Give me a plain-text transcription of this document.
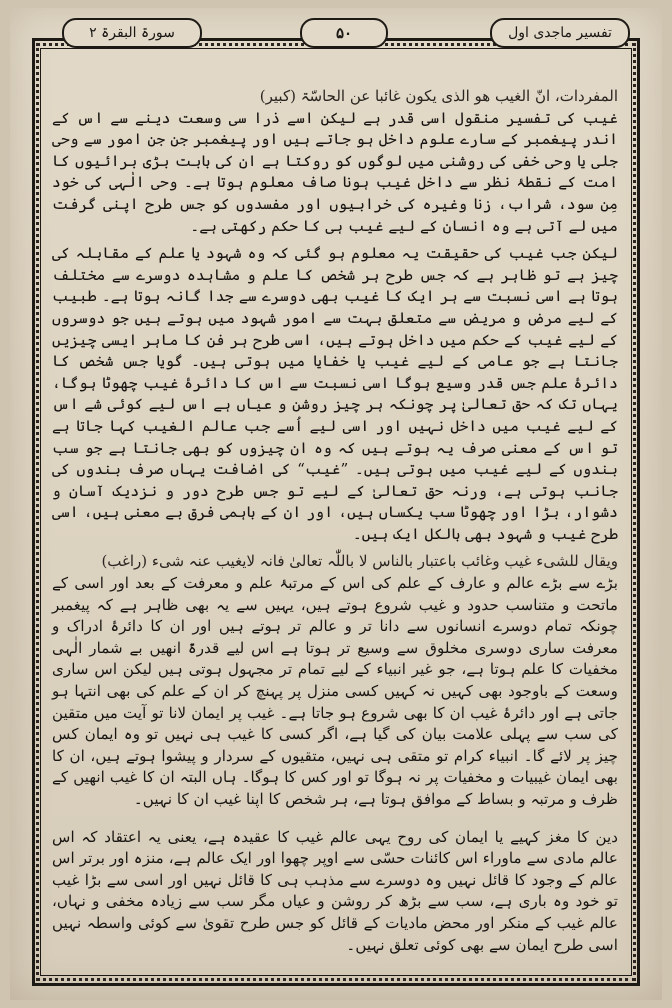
سورۃ البقرۃ ۲	۵۰	تفسیر ماجدی اول

المفردات، انّ الغیب ھو الذی یکون غائبا عن الحاسّۃ (کبیر)

غیب کی تفسیر منقول اسی قدر ہے لیکن اسے ذرا سی وسعت دینے سے اس کے اندر پیغمبر کے سارے علوم داخل ہو جاتے ہیں اور پیغمبر جن جن امور سے وحی جلی یا وحی خفی کی روشنی میں لوگوں کو روکتا ہے ان کی بابت بڑی برائیوں کا امت کے نقطۂ نظر سے داخل غیب ہونا صاف معلوم ہوتا ہے۔ وحی الٰہی کی خود مِن سود، شراب، زنا وغیرہ کی خرابیوں اور مفسدوں کو جس طرح اپنی گرفت میں لے آتی ہے وہ انسان کے لیے غیب ہی کا حکم رکھتی ہے۔

لیکن جب غیب کی حقیقت یہ معلوم ہو گئی کہ وہ شہود یا علم کے مقابلہ کی چیز ہے تو ظاہر ہے کہ جس طرح ہر شخص کا علم و مشاہدہ دوسرے سے مختلف ہوتا ہے اسی نسبت سے ہر ایک کا غیب بھی دوسرے سے جدا گانہ ہوتا ہے۔ طبیب کے لیے مرض و مریض سے متعلق بہت سے امور شہود میں ہوتے ہیں جو دوسروں کے لیے غیب کے حکم میں داخل ہوتے ہیں، اسی طرح ہر فن کا ماہر ایسی چیزیں جانتا ہے جو عامی کے لیے غیب یا خفایا میں ہوتی ہیں۔ گویا جس شخص کا دائرۂ علم جس قدر وسیع ہوگا اسی نسبت سے اس کا دائرۂ غیب چھوٹا ہوگا، یہاں تک کہ حق تعالیٰ پر چونکہ ہر چیز روشن و عیاں ہے اس لیے کوئی شے اس کے لیے غیب میں داخل نہیں اور اسی لیے اُسے جب عالم الغیب کہا جاتا ہے تو اس کے معنی صرف یہ ہوتے ہیں کہ وہ ان چیزوں کو بھی جانتا ہے جو سب بندوں کے لیے غیب میں ہوتی ہیں۔ ”غیب“ کی اضافت یہاں صرف بندوں کی جانب ہوتی ہے، ورنہ حق تعالیٰ کے لیے تو جس طرح دور و نزدیک آسان و دشوار، بڑا اور چھوٹا سب یکساں ہیں، اور ان کے باہمی فرق بے معنی ہیں، اسی طرح غیب و شہود بھی بالکل ایک ہیں۔

ویقال للشیء غیب وغائب باعتبار بالناس لا باللّٰہ تعالیٰ فانہ لایغیب عنہ شیء (راغب)

بڑے سے بڑے عالم و عارف کے علم کی اس کے مرتبۂ علم و معرفت کے بعد اور اسی کے ماتحت و متناسب حدود و غیب شروع ہوتے ہیں، یہیں سے یہ بھی ظاہر ہے کہ پیغمبر چونکہ تمام دوسرے انسانوں سے دانا تر و عالم تر ہوتے ہیں اور ان کا دائرۂ ادراک و معرفت ساری دوسری مخلوق سے وسیع تر ہوتا ہے اس لیے قدرۃً انھیں بے شمار الٰہی مخفیات کا علم ہوتا ہے، جو غیر انبیاء کے لیے تمام تر مجہول ہوتی ہیں لیکن اس ساری وسعت کے باوجود بھی کہیں نہ کہیں کسی منزل پر پہنچ کر ان کے علم کی بھی انتہا ہو جاتی ہے اور دائرۂ غیب ان کا بھی شروع ہو جاتا ہے۔ غیب پر ایمان لانا تو آیت میں متقین کی سب سے پہلی علامت بیان کی گیا ہے، اگر کسی کا غیب ہی نہیں تو وہ ایمان کس چیز پر لائے گا۔ انبیاء کرام تو متقی ہی نہیں، متقیوں کے سردار و پیشوا ہوتے ہیں، ان کا بھی ایمان غیبیات و مخفیات پر نہ ہوگا تو اور کس کا ہوگا۔ ہاں البتہ ان کا غیب انھیں کے ظرف و مرتبہ و بساط کے موافق ہوتا ہے، ہر شخص کا اپنا غیب ان کا نہیں۔

دین کا مغز کہیے یا ایمان کی روح یہی عالم غیب کا عقیدہ ہے، یعنی یہ اعتقاد کہ اس عالم مادی سے ماوراء اس کائنات حسّی سے اوپر چھوا اور ایک عالم ہے، منزہ اور برتر اس عالم کے وجود کا قائل نہیں وہ دوسرے سے مذہب ہی کا قائل نہیں اور اسی سے بڑا غیب تو خود وہ باری ہے، سب سے بڑھ کر روشن و عیاں مگر سب سے زیادہ مخفی و نہاں، عالم غیب کے منکر اور محض مادیات کے قائل کو جس طرح تقویٰ سے کوئی واسطہ نہیں اسی طرح ایمان سے بھی کوئی تعلق نہیں۔
